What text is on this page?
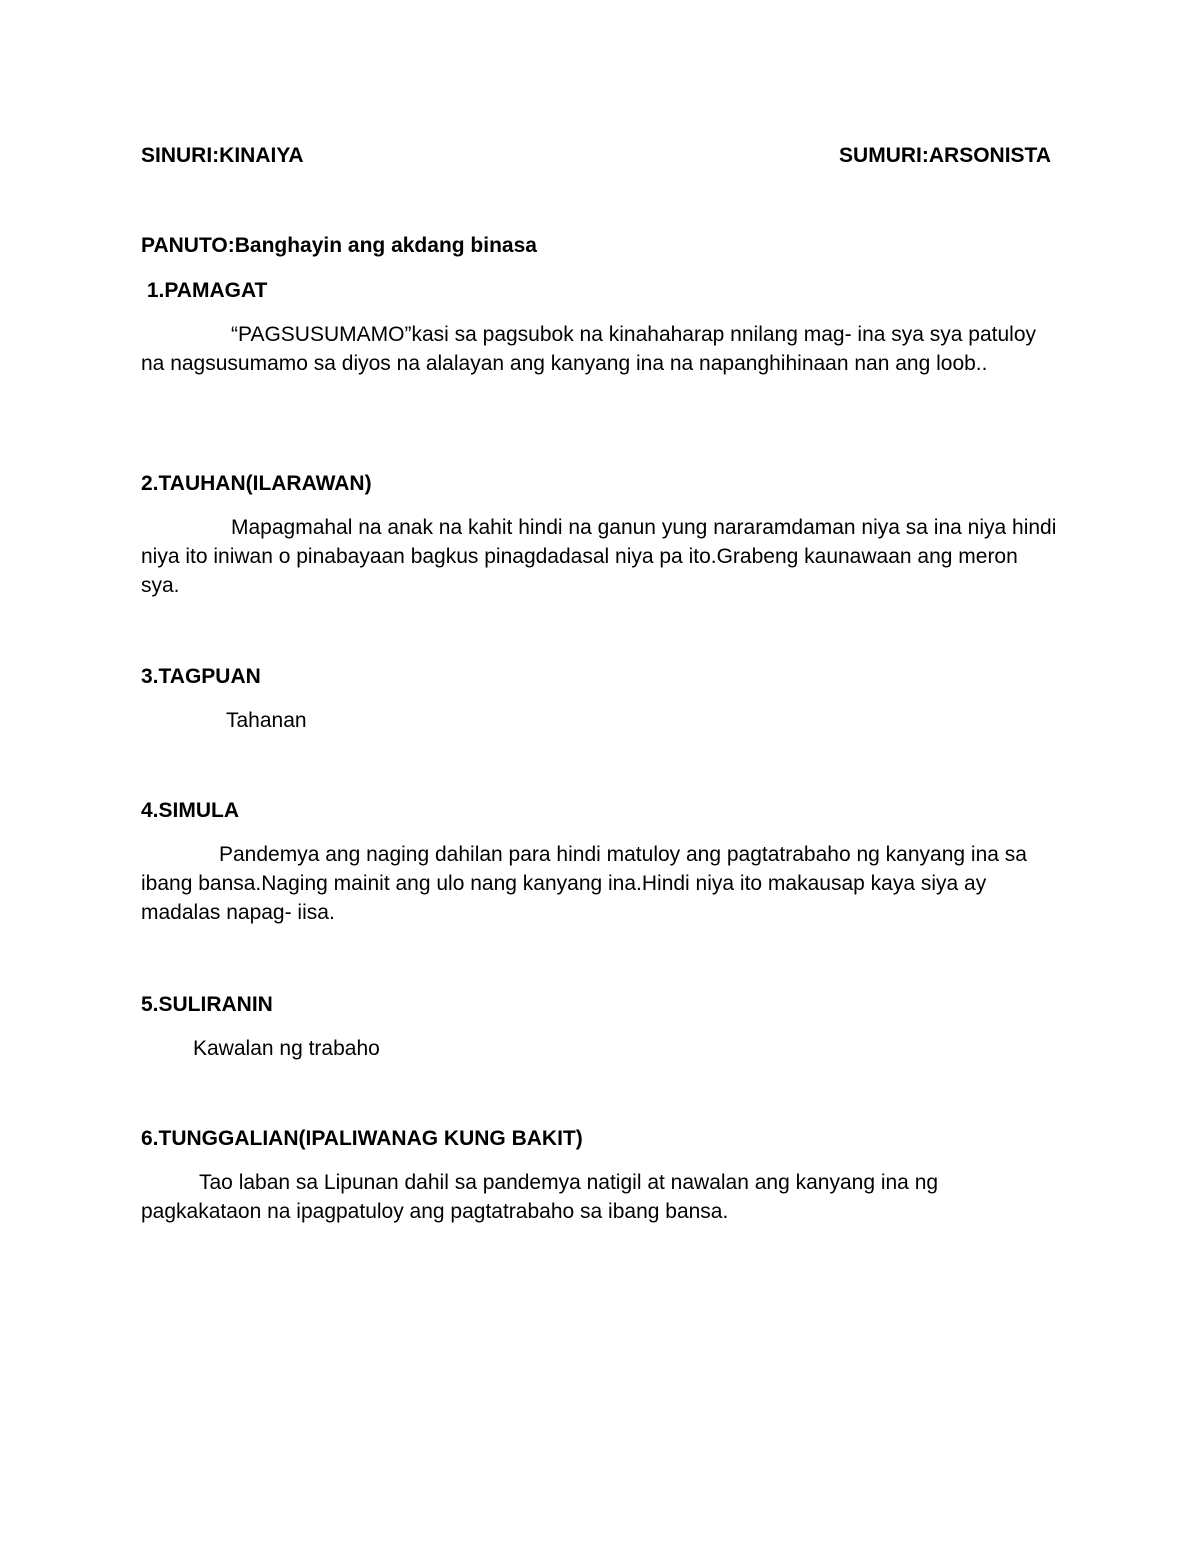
SINURI:KINAIYA	SUMURI:ARSONISTA
PANUTO:Banghayin ang akdang binasa

1.PAMAGAT

“PAGSUSUMAMO”kasi sa pagsubok na kinahaharap nnilang mag- ina sya sya patuloy na nagsusumamo sa diyos na alalayan ang kanyang ina na napanghihinaan nan ang loob..

2.TAUHAN(ILARAWAN)

Mapagmahal na anak na kahit hindi na ganun yung nararamdaman niya sa ina niya hindi niya ito iniwan o pinabayaan bagkus pinagdadasal niya pa ito.Grabeng kaunawaan ang meron sya.

3.TAGPUAN

Tahanan

4.SIMULA

Pandemya ang naging dahilan para hindi matuloy ang pagtatrabaho ng kanyang ina sa ibang bansa.Naging mainit ang ulo nang kanyang ina.Hindi niya ito makausap kaya siya ay madalas napag- iisa.

5.SULIRANIN

Kawalan ng trabaho

6.TUNGGALIAN(IPALIWANAG KUNG BAKIT)

Tao laban sa Lipunan dahil sa pandemya natigil at nawalan ang kanyang ina ng pagkakataon na ipagpatuloy ang pagtatrabaho sa ibang bansa.
